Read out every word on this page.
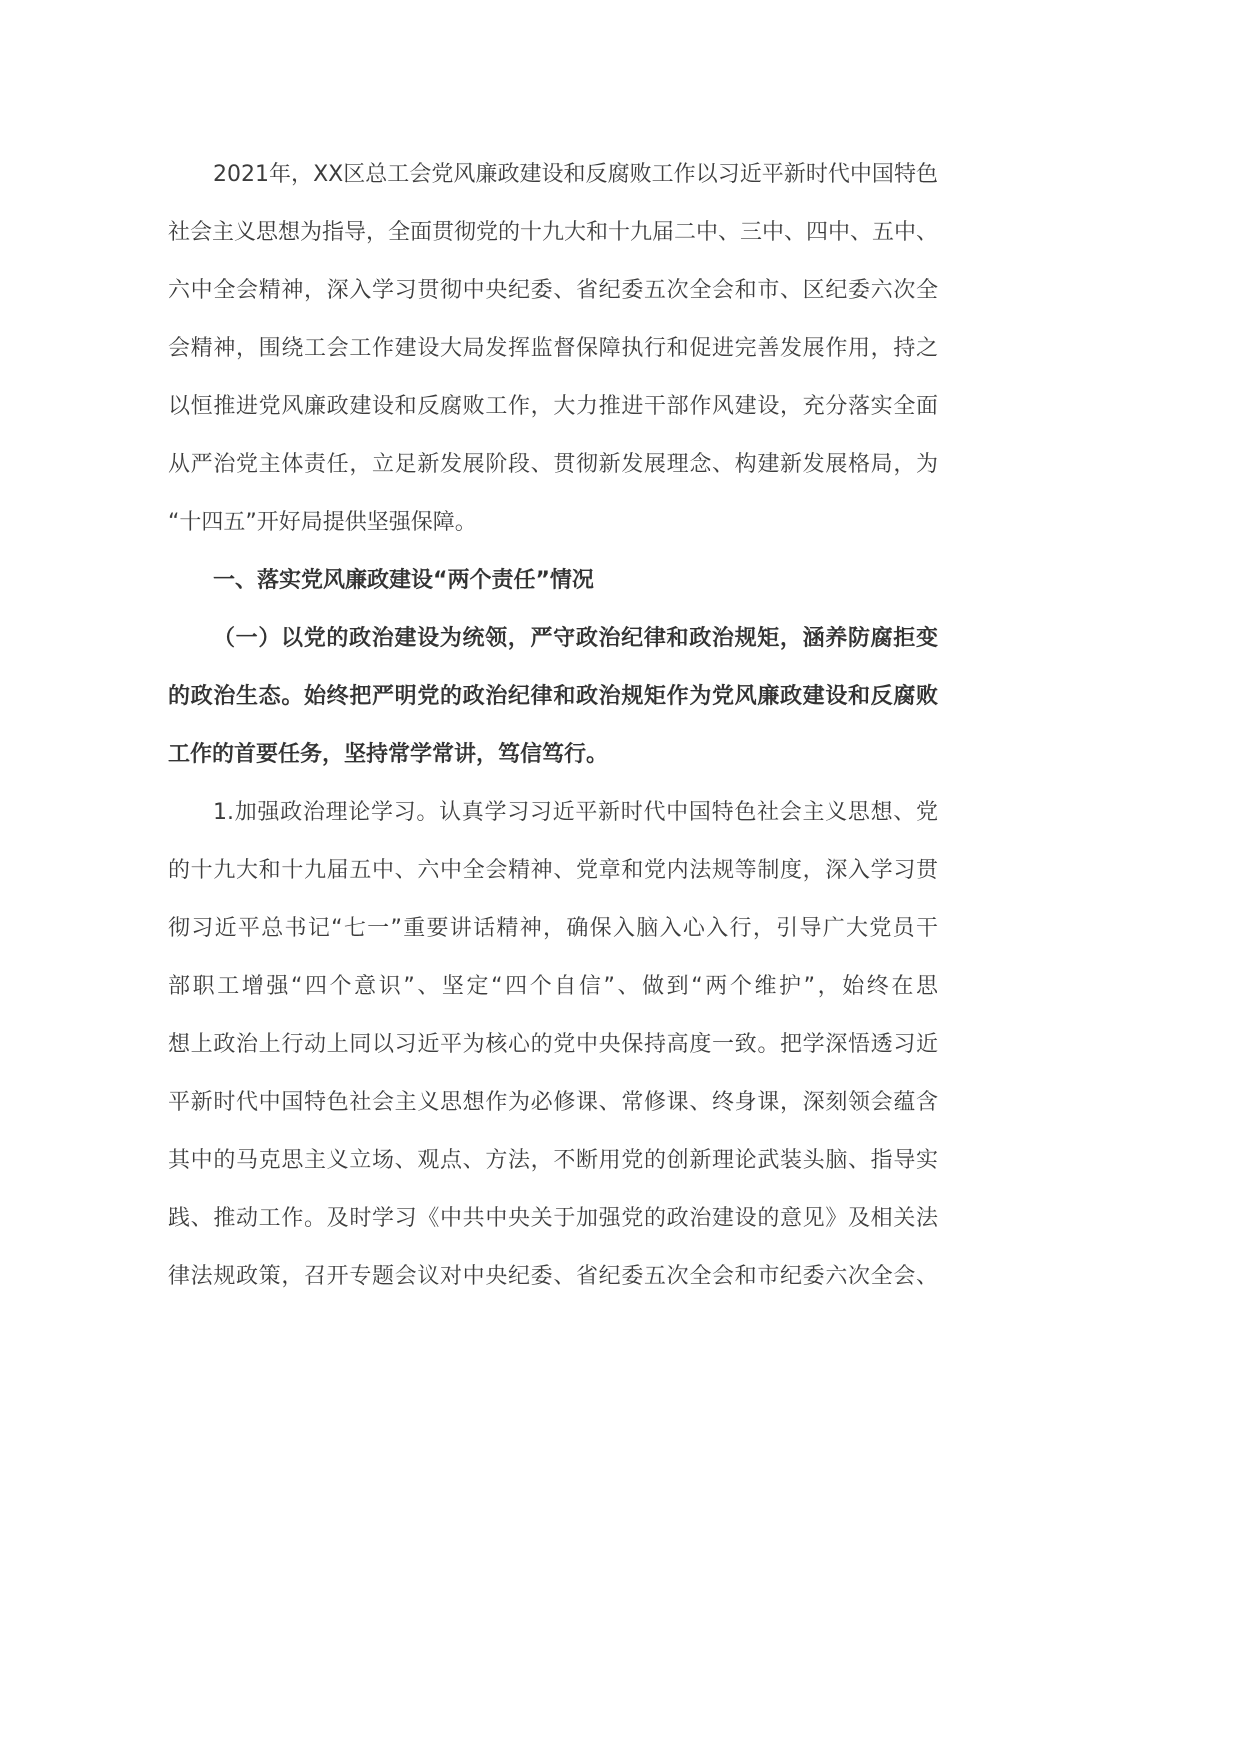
2021年，XX区总工会党风廉政建设和反腐败工作以习近平新时代中国特色
社会主义思想为指导，全面贯彻党的十九大和十九届二中、三中、四中、五中、
六中全会精神，深入学习贯彻中央纪委、省纪委五次全会和市、区纪委六次全
会精神，围绕工会工作建设大局发挥监督保障执行和促进完善发展作用，持之
以恒推进党风廉政建设和反腐败工作，大力推进干部作风建设，充分落实全面
从严治党主体责任，立足新发展阶段、贯彻新发展理念、构建新发展格局，为
“十四五”开好局提供坚强保障。
一、落实党风廉政建设“两个责任”情况
（一）以党的政治建设为统领，严守政治纪律和政治规矩，涵养防腐拒变
的政治生态。始终把严明党的政治纪律和政治规矩作为党风廉政建设和反腐败
工作的首要任务，坚持常学常讲，笃信笃行。
1.加强政治理论学习。认真学习习近平新时代中国特色社会主义思想、党
的十九大和十九届五中、六中全会精神、党章和党内法规等制度，深入学习贯
彻习近平总书记“七一”重要讲话精神，确保入脑入心入行，引导广大党员干
部职工增强“四个意识”、坚定“四个自信”、做到“两个维护”，始终在思
想上政治上行动上同以习近平为核心的党中央保持高度一致。把学深悟透习近
平新时代中国特色社会主义思想作为必修课、常修课、终身课，深刻领会蕴含
其中的马克思主义立场、观点、方法，不断用党的创新理论武装头脑、指导实
践、推动工作。及时学习《中共中央关于加强党的政治建设的意见》及相关法
律法规政策，召开专题会议对中央纪委、省纪委五次全会和市纪委六次全会、
